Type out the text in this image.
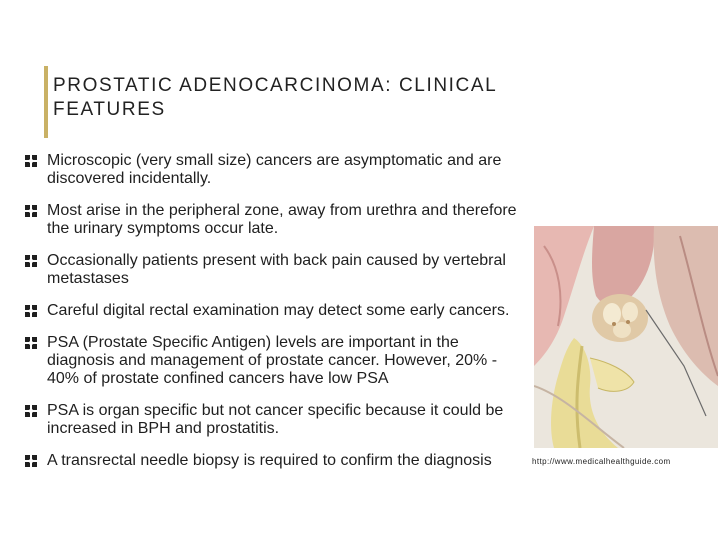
PROSTATIC ADENOCARCINOMA: CLINICAL FEATURES
Microscopic (very small size) cancers are asymptomatic and are discovered incidentally.
Most arise in the peripheral zone, away from urethra and therefore the urinary symptoms occur late.
Occasionally patients present with back pain caused by vertebral metastases
Careful digital rectal examination may detect some early cancers.
PSA (Prostate Specific Antigen) levels are important in the diagnosis and management of prostate cancer. However, 20% - 40% of prostate confined cancers have low PSA
PSA is organ specific but not cancer specific because it could be increased in BPH and prostatitis.
A transrectal needle biopsy is required to confirm the diagnosis	http://www.medicalhealthguide.com
